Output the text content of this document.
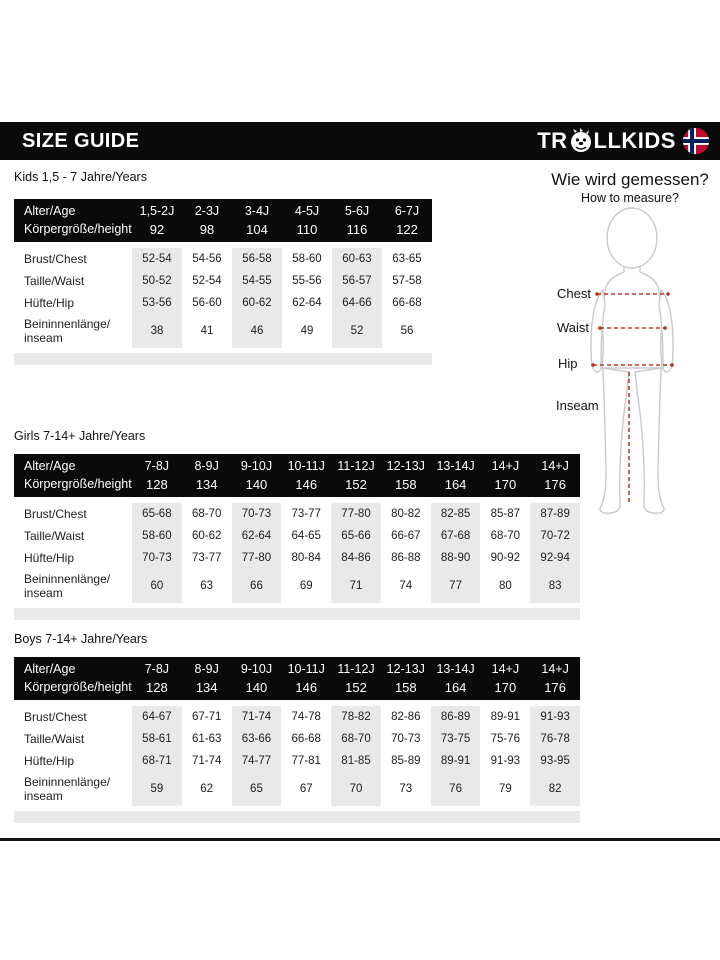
SIZE GUIDE	TR LLKIDS
Kids 1,5 - 7 Jahre/Years
Girls 7-14+ Jahre/Years
Boys 7-14+ Jahre/Years
Alter/Age	1,5-2J	2-3J	3-4J	4-5J	5-6J	6-7J
Körpergröße/height	92	98	104	110	116	122
Brust/Chest	52-54	54-56	56-58	58-60	60-63	63-65
Taille/Waist	50-52	52-54	54-55	55-56	56-57	57-58
Hüfte/Hip	53-56	56-60	60-62	62-64	64-66	66-68
Beininnenlänge/
inseam	38	41	46	49	52	56
Alter/Age	7-8J	8-9J	9-10J	10-11J 11-12J 12-13J 13-14J	14+J	14+J
Körpergröße/height	128	134	140	146	152	158	164	170	176
Brust/Chest	65-68	68-70	70-73	73-77	77-80	80-82	82-85	85-87	87-89
Taille/Waist	58-60	60-62	62-64	64-65	65-66	66-67	67-68	68-70	70-72
Hüfte/Hip	70-73	73-77	77-80	80-84	84-86	86-88	88-90	90-92	92-94
Beininnenlänge/
inseam	60	63	66	69	71	74	77	80	83
Alter/Age	7-8J	8-9J	9-10J	10-11J 11-12J 12-13J 13-14J	14+J	14+J
Körpergröße/height	128	134	140	146	152	158	164	170	176
Brust/Chest	64-67	67-71	71-74	74-78	78-82	82-86	86-89	89-91	91-93
Taille/Waist	58-61	61-63	63-66	66-68	68-70	70-73	73-75	75-76	76-78
Hüfte/Hip	68-71	71-74	74-77	77-81	81-85	85-89	89-91	91-93	93-95
Beininnenlänge/
inseam	59	62	65	67	70	73	76	79	82
Wie wird gemessen?
How to measure?
Chest
Waist
Hip
Inseam
